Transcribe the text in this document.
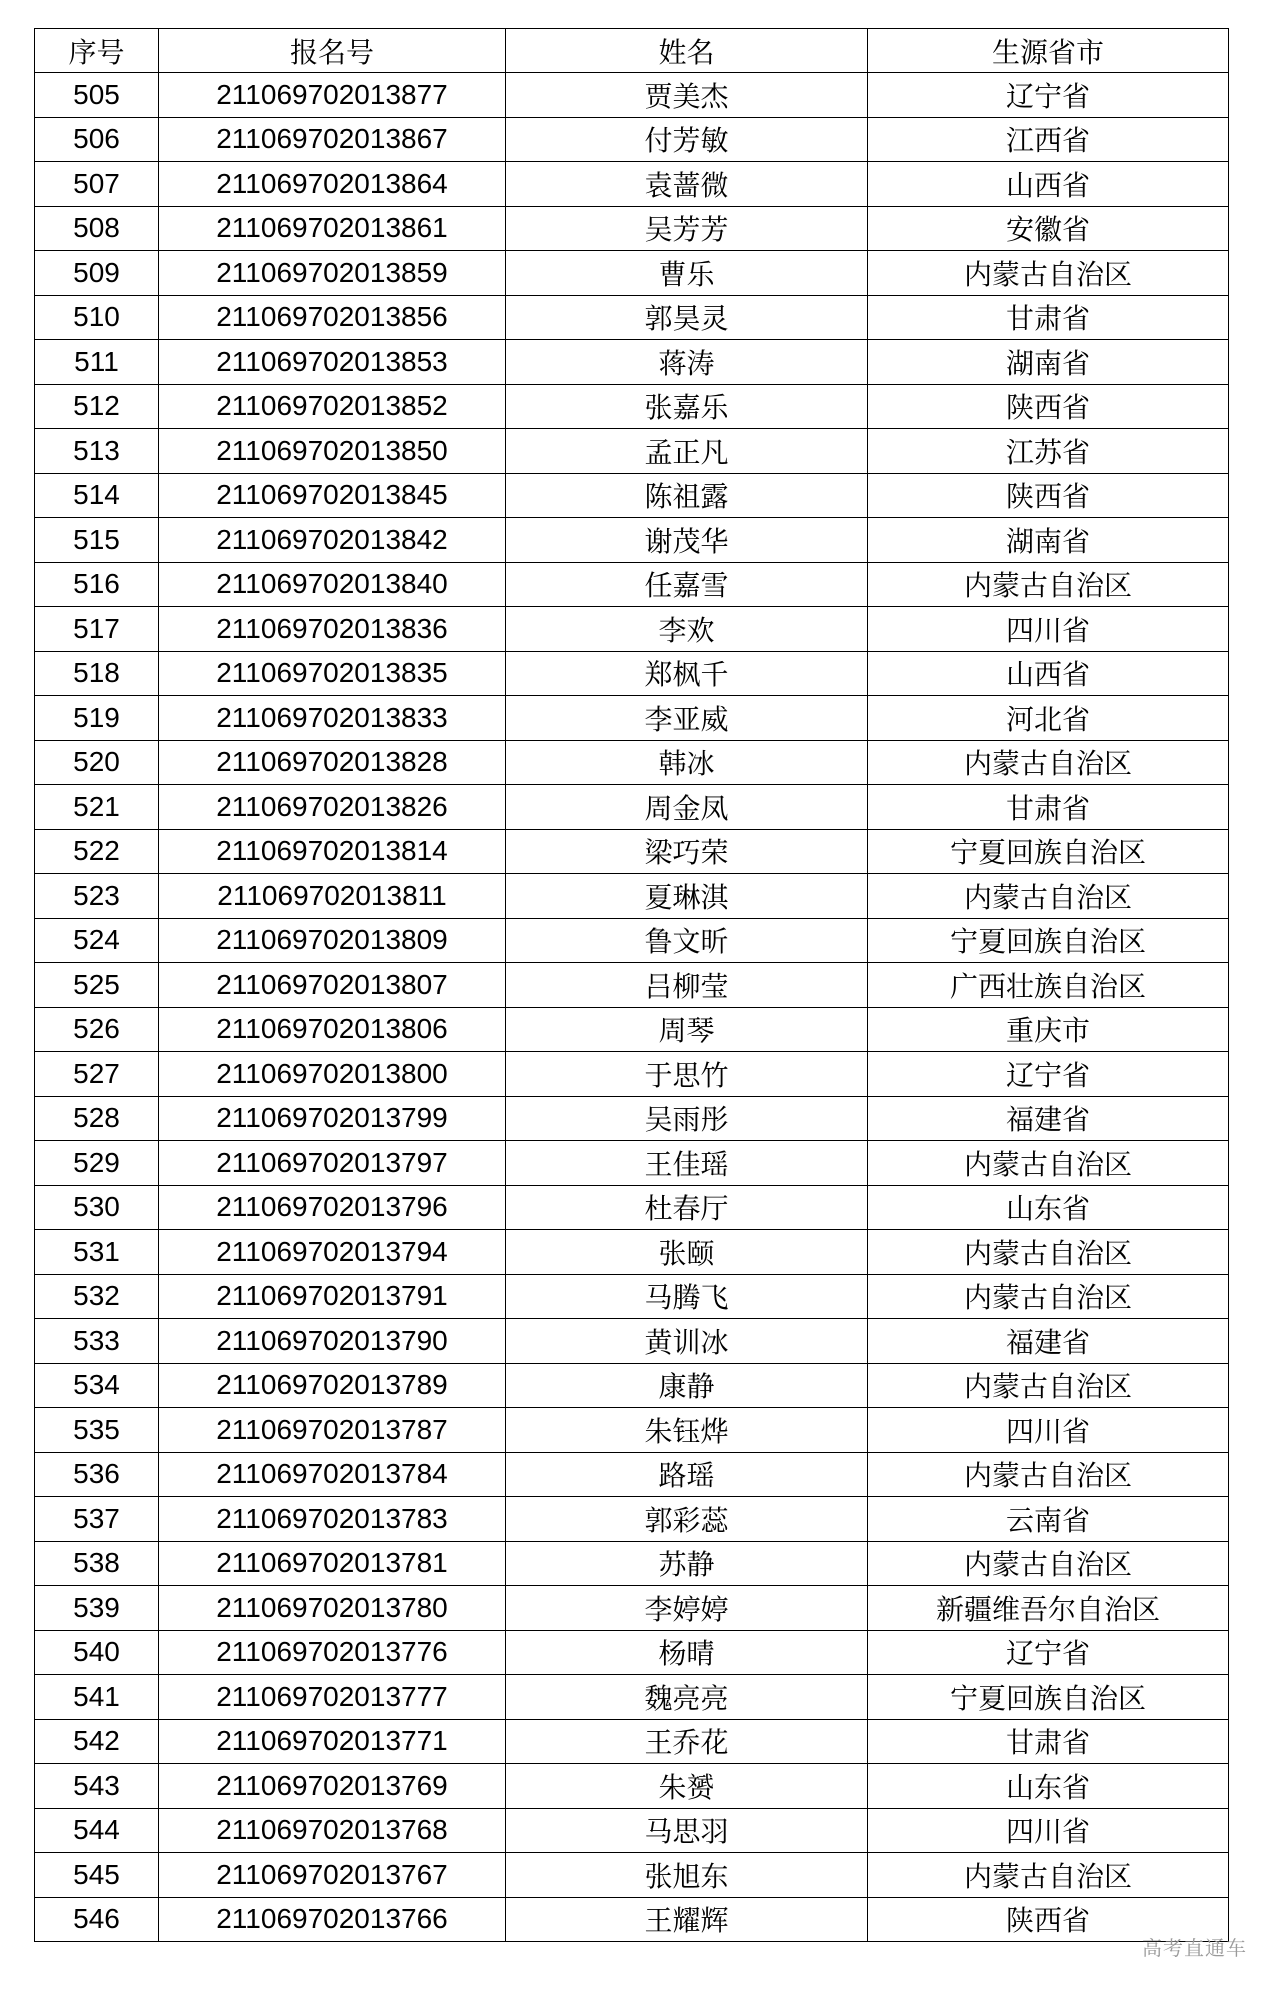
序号	报名号	姓名	生源省市
505	211069702013877	贾美杰	辽宁省
506	211069702013867	付芳敏	江西省
507	211069702013864	袁蔷微	山西省
508	211069702013861	吴芳芳	安徽省
509	211069702013859	曹乐	内蒙古自治区
510	211069702013856	郭昊灵	甘肃省
511	211069702013853	蒋涛	湖南省
512	211069702013852	张嘉乐	陕西省
513	211069702013850	孟正凡	江苏省
514	211069702013845	陈祖露	陕西省
515	211069702013842	谢茂华	湖南省
516	211069702013840	任嘉雪	内蒙古自治区
517	211069702013836	李欢	四川省
518	211069702013835	郑枫千	山西省
519	211069702013833	李亚威	河北省
520	211069702013828	韩冰	内蒙古自治区
521	211069702013826	周金凤	甘肃省
522	211069702013814	梁巧荣	宁夏回族自治区
523	211069702013811	夏琳淇	内蒙古自治区
524	211069702013809	鲁文昕	宁夏回族自治区
525	211069702013807	吕柳莹	广西壮族自治区
526	211069702013806	周琴	重庆市
527	211069702013800	于思竹	辽宁省
528	211069702013799	吴雨彤	福建省
529	211069702013797	王佳瑶	内蒙古自治区
530	211069702013796	杜春厅	山东省
531	211069702013794	张颐	内蒙古自治区
532	211069702013791	马腾飞	内蒙古自治区
533	211069702013790	黄训冰	福建省
534	211069702013789	康静	内蒙古自治区
535	211069702013787	朱钰烨	四川省
536	211069702013784	路瑶	内蒙古自治区
537	211069702013783	郭彩蕊	云南省
538	211069702013781	苏静	内蒙古自治区
539	211069702013780	李婷婷	新疆维吾尔自治区
540	211069702013776	杨晴	辽宁省
541	211069702013777	魏亮亮	宁夏回族自治区
542	211069702013771	王乔花	甘肃省
543	211069702013769	朱赟	山东省
544	211069702013768	马思羽	四川省
545	211069702013767	张旭东	内蒙古自治区
546	211069702013766	王耀辉	陕西省
高考直通车
